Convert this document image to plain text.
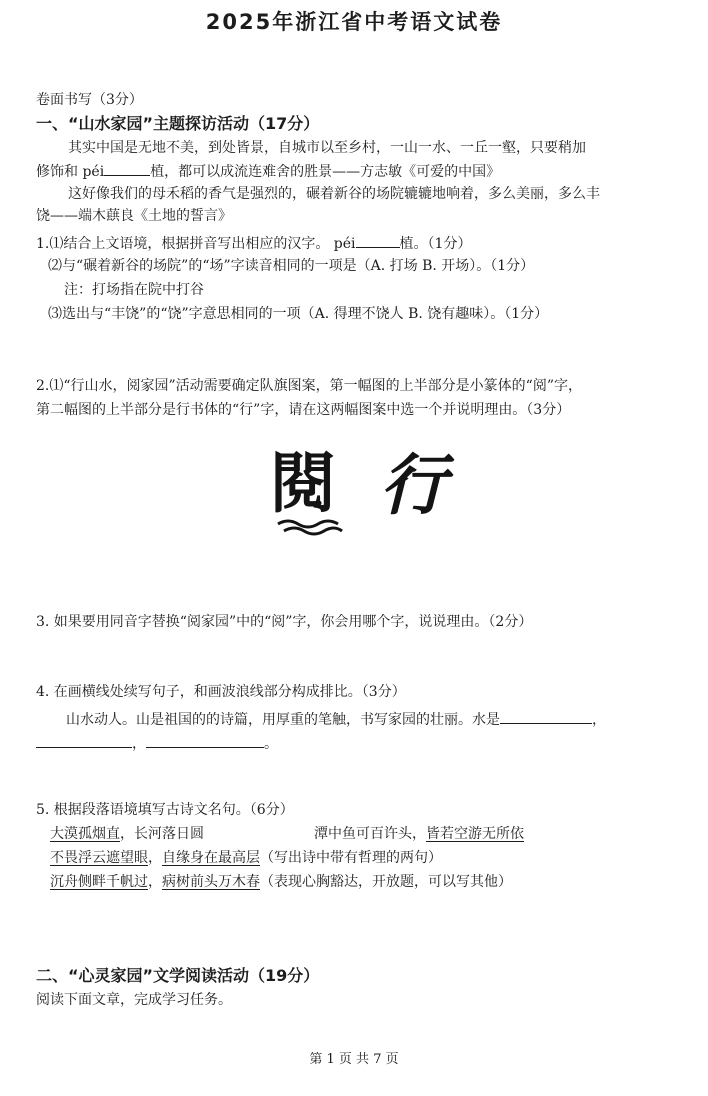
2025年浙江省中考语文试卷
卷面书写（3分）
一、“山水家园”主题探访活动（17分）
其实中国是无地不美，到处皆景，自城市以至乡村，一山一水、一丘一壑，只要稍加
修饰和 péi	植，都可以成流连难舍的胜景——方志敏《可爱的中国》
这好像我们的母禾稻的香气是强烈的，碾着新谷的场院辘辘地响着，多么美丽，多么丰
饶——端木蕻良《土地的誓言》
1.⑴结合上文语境，根据拼音写出相应的汉字。 péi	植。（1分）
⑵与“碾着新谷的场院”的“场”字读音相同的一项是（A. 打场 B. 开场）。（1分）
注：打场指在院中打谷
⑶选出与“丰饶”的“饶”字意思相同的一项（A. 得理不饶人 B. 饶有趣味）。（1分）
2.⑴“行山水，阅家园”活动需要确定队旗图案，第一幅图的上半部分是小篆体的“阅”字，
第二幅图的上半部分是行书体的“行”字，请在这两幅图案中选一个并说明理由。（3分）
閱 行
3. 如果要用同音字替换“阅家园”中的“阅”字，你会用哪个字，说说理由。（2分）
4. 在画横线处续写句子，和画波浪线部分构成排比。（3分）
山水动人。山是祖国的的诗篇，用厚重的笔触，书写家园的壮丽。水是	，
，	。
5. 根据段落语境填写古诗文名句。（6分）
大漠孤烟直，长河落日圆	潭中鱼可百许头，皆若空游无所依
不畏浮云遮望眼，自缘身在最高层（写出诗中带有哲理的两句）
沉舟侧畔千帆过，病树前头万木春（表现心胸豁达，开放题，可以写其他）
二、“心灵家园”文学阅读活动（19分）
阅读下面文章，完成学习任务。
第 1 页 共 7 页
